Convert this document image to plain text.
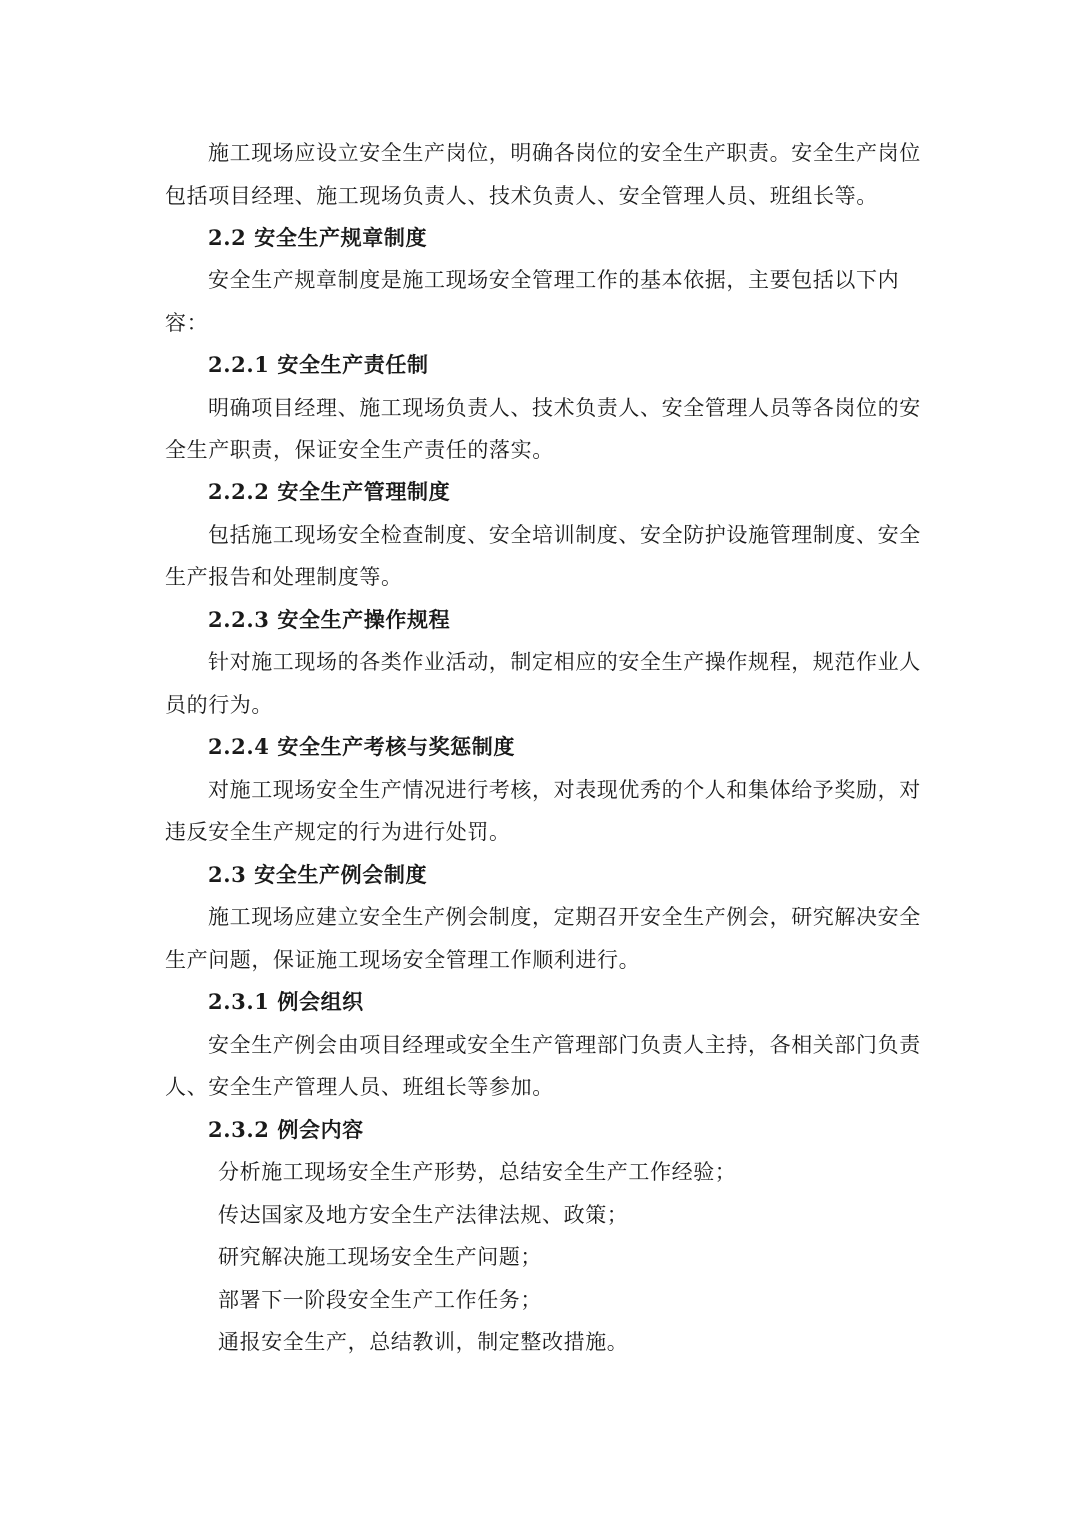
施工现场应设立安全生产岗位，明确各岗位的安全生产职责。安全生产岗位
包括项目经理、施工现场负责人、技术负责人、安全管理人员、班组长等。
2.2 安全生产规章制度
安全生产规章制度是施工现场安全管理工作的基本依据，主要包括以下内
容：
2.2.1 安全生产责任制
明确项目经理、施工现场负责人、技术负责人、安全管理人员等各岗位的安
全生产职责，保证安全生产责任的落实。
2.2.2 安全生产管理制度
包括施工现场安全检查制度、安全培训制度、安全防护设施管理制度、安全
生产报告和处理制度等。
2.2.3 安全生产操作规程
针对施工现场的各类作业活动，制定相应的安全生产操作规程，规范作业人
员的行为。
2.2.4 安全生产考核与奖惩制度
对施工现场安全生产情况进行考核，对表现优秀的个人和集体给予奖励，对
违反安全生产规定的行为进行处罚。
2.3 安全生产例会制度
施工现场应建立安全生产例会制度，定期召开安全生产例会，研究解决安全
生产问题，保证施工现场安全管理工作顺利进行。
2.3.1 例会组织
安全生产例会由项目经理或安全生产管理部门负责人主持，各相关部门负责
人、安全生产管理人员、班组长等参加。
2.3.2 例会内容
分析施工现场安全生产形势，总结安全生产工作经验；
传达国家及地方安全生产法律法规、政策；
研究解决施工现场安全生产问题；
部署下一阶段安全生产工作任务；
通报安全生产，总结教训，制定整改措施。
